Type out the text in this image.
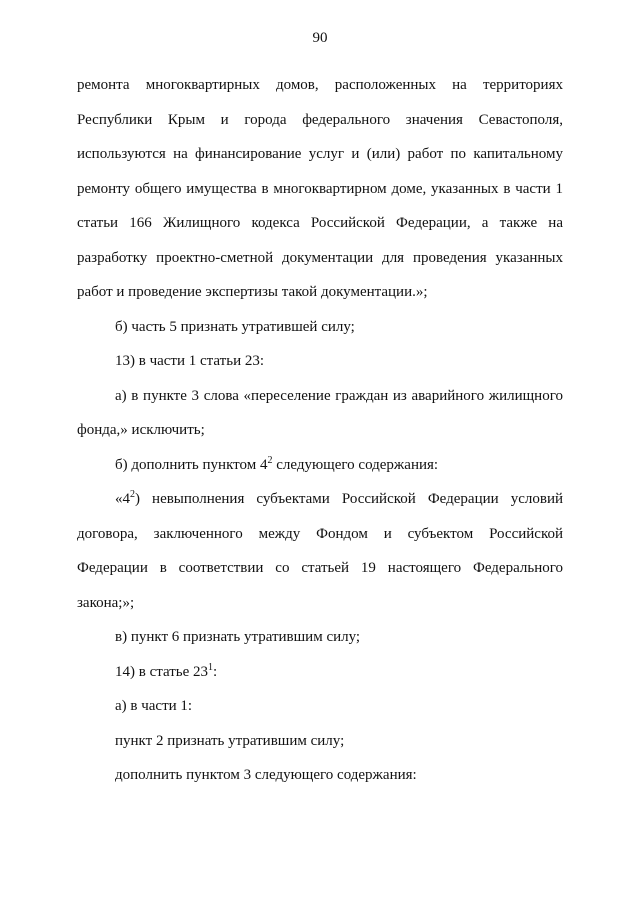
90
ремонта многоквартирных домов, расположенных на территориях
Республики Крым и города федерального значения Севастополя,
используются на финансирование услуг и (или) работ по капитальному
ремонту общего имущества в многоквартирном доме, указанных в части 1
статьи 166 Жилищного кодекса Российской Федерации, а также на
разработку проектно-сметной документации для проведения указанных
работ и проведение экспертизы такой документации.»;
б) часть 5 признать утратившей силу;
13) в части 1 статьи 23:
а) в пункте 3 слова «переселение граждан из аварийного жилищного
фонда,» исключить;
б) дополнить пунктом $4^2$ следующего содержания:
«$4^2$) невыполнения субъектами Российской Федерации условий
договора, заключенного между Фондом и субъектом Российской
Федерации в соответствии со статьей 19 настоящего Федерального
закона;»;
в) пункт 6 признать утратившим силу;
14) в статье $23^1$:
а) в части 1:
пункт 2 признать утратившим силу;
дополнить пунктом 3 следующего содержания:
